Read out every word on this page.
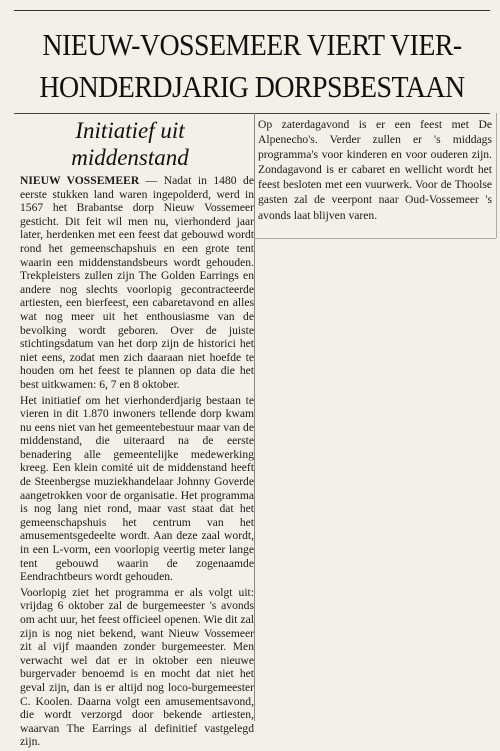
NIEUW-VOSSEMEER VIERT VIER-
HONDERDJARIG DORPSBESTAAN
Initiatief uit
middenstand

NIEUW VOSSEMEER — Nadat in 1480 de eerste stukken land waren ingepolderd, werd in 1567 het Brabantse dorp Nieuw Vossemeer gesticht. Dit feit wil men nu, vierhonderd jaar later, herdenken met een feest dat gebouwd wordt rond het gemeenschapshuis en een grote tent waarin een middenstandsbeurs wordt gehouden. Trekpleisters zullen zijn The Golden Earrings en andere nog slechts voorlopig gecontracteerde artiesten, een bierfeest, een cabaretavond en alles wat nog meer uit het enthousiasme van de bevolking wordt geboren. Over de juiste stichtingsdatum van het dorp zijn de historici het niet eens, zodat men zich daaraan niet hoefde te houden om het feest te plannen op data die het best uitkwamen: 6, 7 en 8 oktober.

Het initiatief om het vierhonderdjarig bestaan te vieren in dit 1.870 inwoners tellende dorp kwam nu eens niet van het gemeentebestuur maar van de middenstand, die uiteraard na de eerste benadering alle gemeentelijke medewerking kreeg. Een klein comité uit de middenstand heeft de Steenbergse muziekhandelaar Johnny Goverde aangetrokken voor de organisatie. Het programma is nog lang niet rond, maar vast staat dat het gemeenschapshuis het centrum van het amusementsgedeelte wordt. Aan deze zaal wordt, in een L-vorm, een voorlopig veertig meter lange tent gebouwd waarin de zogenaamde Eendrachtbeurs wordt gehouden.

Voorlopig ziet het programma er als volgt uit: vrijdag 6 oktober zal de burgemeester 's avonds om acht uur, het feest officieel openen. Wie dit zal zijn is nog niet bekend, want Nieuw Vossemeer zit al vijf maanden zonder burgemeester. Men verwacht wel dat er in oktober een nieuwe burgervader benoemd is en mocht dat niet het geval zijn, dan is er altijd nog loco-burgemeester C. Koolen. Daarna volgt een amusementsavond, die wordt verzorgd door bekende artiesten, waarvan The Earrings al definitief vastgelegd zijn.

Op zaterdagavond is er een feest met De Alpenecho's. Verder zullen er 's middags programma's voor kinderen en voor ouderen zijn. Zondagavond is er cabaret en wellicht wordt het feest besloten met een vuurwerk. Voor de Thoolse gasten zal de veerpont naar Oud-Vossemeer 's avonds laat blijven varen.
